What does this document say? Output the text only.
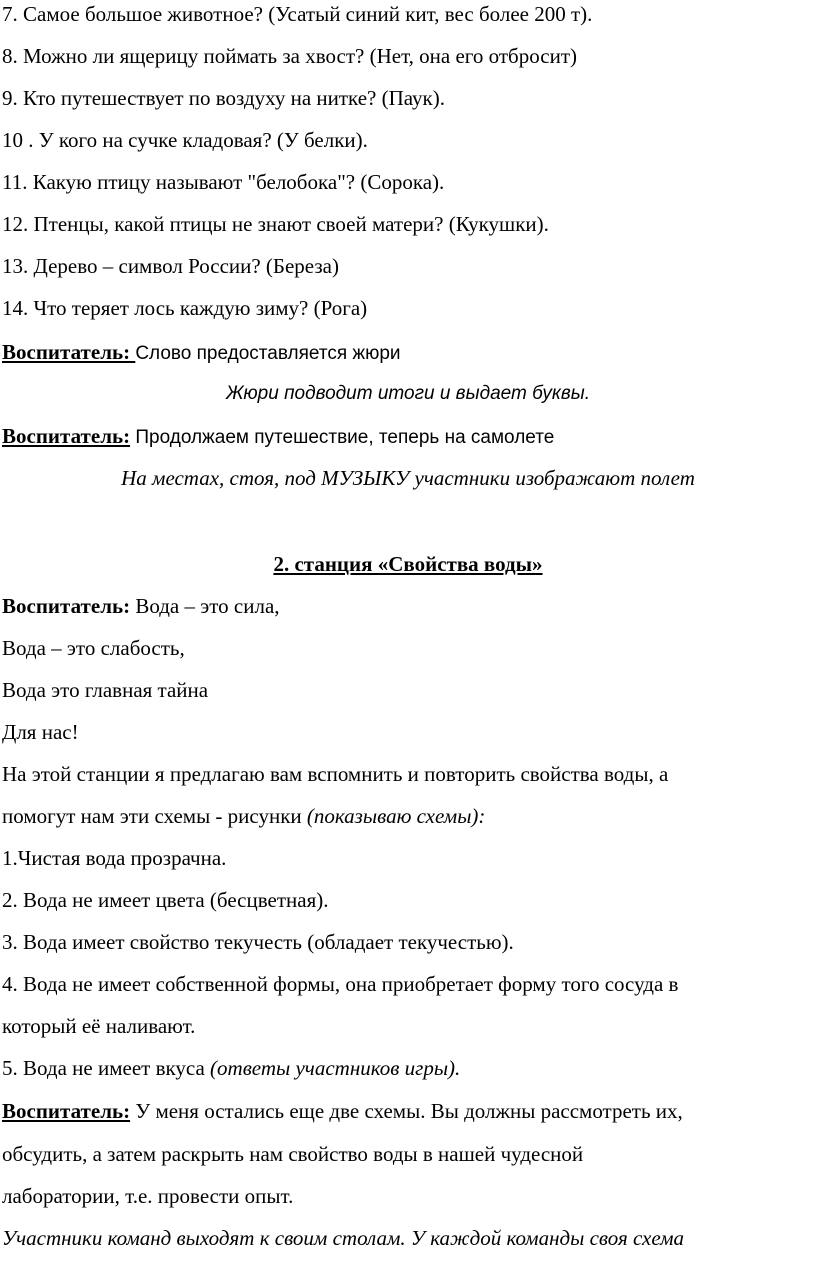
7. Самое большое животное? (Усатый синий кит, вес более 200 т).
8. Можно ли ящерицу поймать за хвост? (Нет, она его отбросит)
9. Кто путешествует по воздуху на нитке? (Паук).
10 . У кого на сучке кладовая? (У белки).
11. Какую птицу называют "белобока"? (Сорока).
12. Птенцы, какой птицы не знают своей матери? (Кукушки).
13. Дерево – символ России? (Береза)
14. Что теряет лось каждую зиму? (Рога)
Воспитатель: Слово предоставляется жюри
Жюри подводит итоги и выдает буквы.
Воспитатель: Продолжаем путешествие, теперь на самолете
На местах, стоя, под МУЗЫКУ участники изображают полет
2. станция «Свойства воды»
Воспитатель: Вода – это сила,
Вода – это слабость,
Вода это главная тайна
Для нас!
На этой станции я предлагаю вам вспомнить и повторить свойства воды, а
помогут нам эти схемы - рисунки (показываю схемы):
1.Чистая вода прозрачна.
2. Вода не имеет цвета (бесцветная).
3. Вода имеет свойство текучесть (обладает текучестью).
4. Вода не имеет собственной формы, она приобретает форму того сосуда в
который её наливают.
5. Вода не имеет вкуса (ответы участников игры).
Воспитатель: У меня остались еще две схемы. Вы должны рассмотреть их,
обсудить, а затем раскрыть нам свойство воды в нашей чудесной
лаборатории, т.е. провести опыт.
Участники команд выходят к своим столам. У каждой команды своя схема
